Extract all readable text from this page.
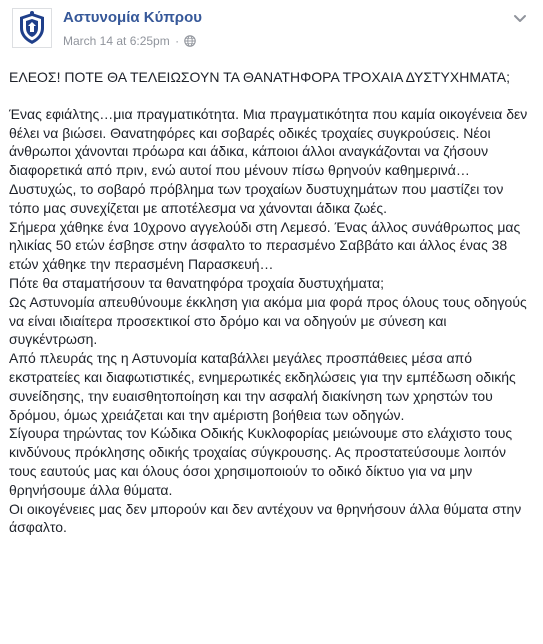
Αστυνομία Κύπρου
March 14 at 6:25pm ·
ΕΛΕΟΣ! ΠΟΤΕ ΘΑ ΤΕΛΕΙΩΣΟΥΝ ΤΑ ΘΑΝΑΤΗΦΟΡΑ ΤΡΟΧΑΙΑ ΔΥΣΤΥΧΗΜΑΤΑ;
Ένας εφιάλτης…μια πραγματικότητα. Μια πραγματικότητα που καμία οικογένεια δεν θέλει να βιώσει. Θανατηφόρες και σοβαρές οδικές τροχαίες συγκρούσεις. Νέοι άνθρωποι χάνονται πρόωρα και άδικα, κάποιοι άλλοι αναγκάζονται να ζήσουν διαφορετικά από πριν, ενώ αυτοί που μένουν πίσω θρηνούν καθημερινά…
Δυστυχώς, το σοβαρό πρόβλημα των τροχαίων δυστυχημάτων που μαστίζει τον τόπο μας συνεχίζεται με αποτέλεσμα να χάνονται άδικα ζωές.
Σήμερα χάθηκε ένα 10χρονο αγγελούδι στη Λεμεσό. Ένας άλλος συνάθρωπος μας ηλικίας 50 ετών έσβησε στην άσφαλτο το περασμένο Σαββάτο και άλλος ένας 38 ετών χάθηκε την περασμένη Παρασκευή…
Πότε θα σταματήσουν τα θανατηφόρα τροχαία δυστυχήματα;
Ως Αστυνομία απευθύνουμε έκκληση για ακόμα μια φορά προς όλους τους οδηγούς να είναι ιδιαίτερα προσεκτικοί στο δρόμο και να οδηγούν με σύνεση και συγκέντρωση.
Από πλευράς της η Αστυνομία καταβάλλει μεγάλες προσπάθειες μέσα από εκστρατείες και διαφωτιστικές, ενημερωτικές εκδηλώσεις για την εμπέδωση οδικής συνείδησης, την ευαισθητοποίηση και την ασφαλή διακίνηση των χρηστών του δρόμου, όμως χρειάζεται και την αμέριστη βοήθεια των οδηγών.
Σίγουρα τηρώντας τον Κώδικα Οδικής Κυκλοφορίας μειώνουμε στο ελάχιστο τους κινδύνους πρόκλησης οδικής τροχαίας σύγκρουσης. Ας προστατεύσουμε λοιπόν τους εαυτούς μας και όλους όσοι χρησιμοποιούν το οδικό δίκτυο για να μην θρηνήσουμε άλλα θύματα.
Οι οικογένειες μας δεν μπορούν και δεν αντέχουν να θρηνήσουν άλλα θύματα στην άσφαλτο.
